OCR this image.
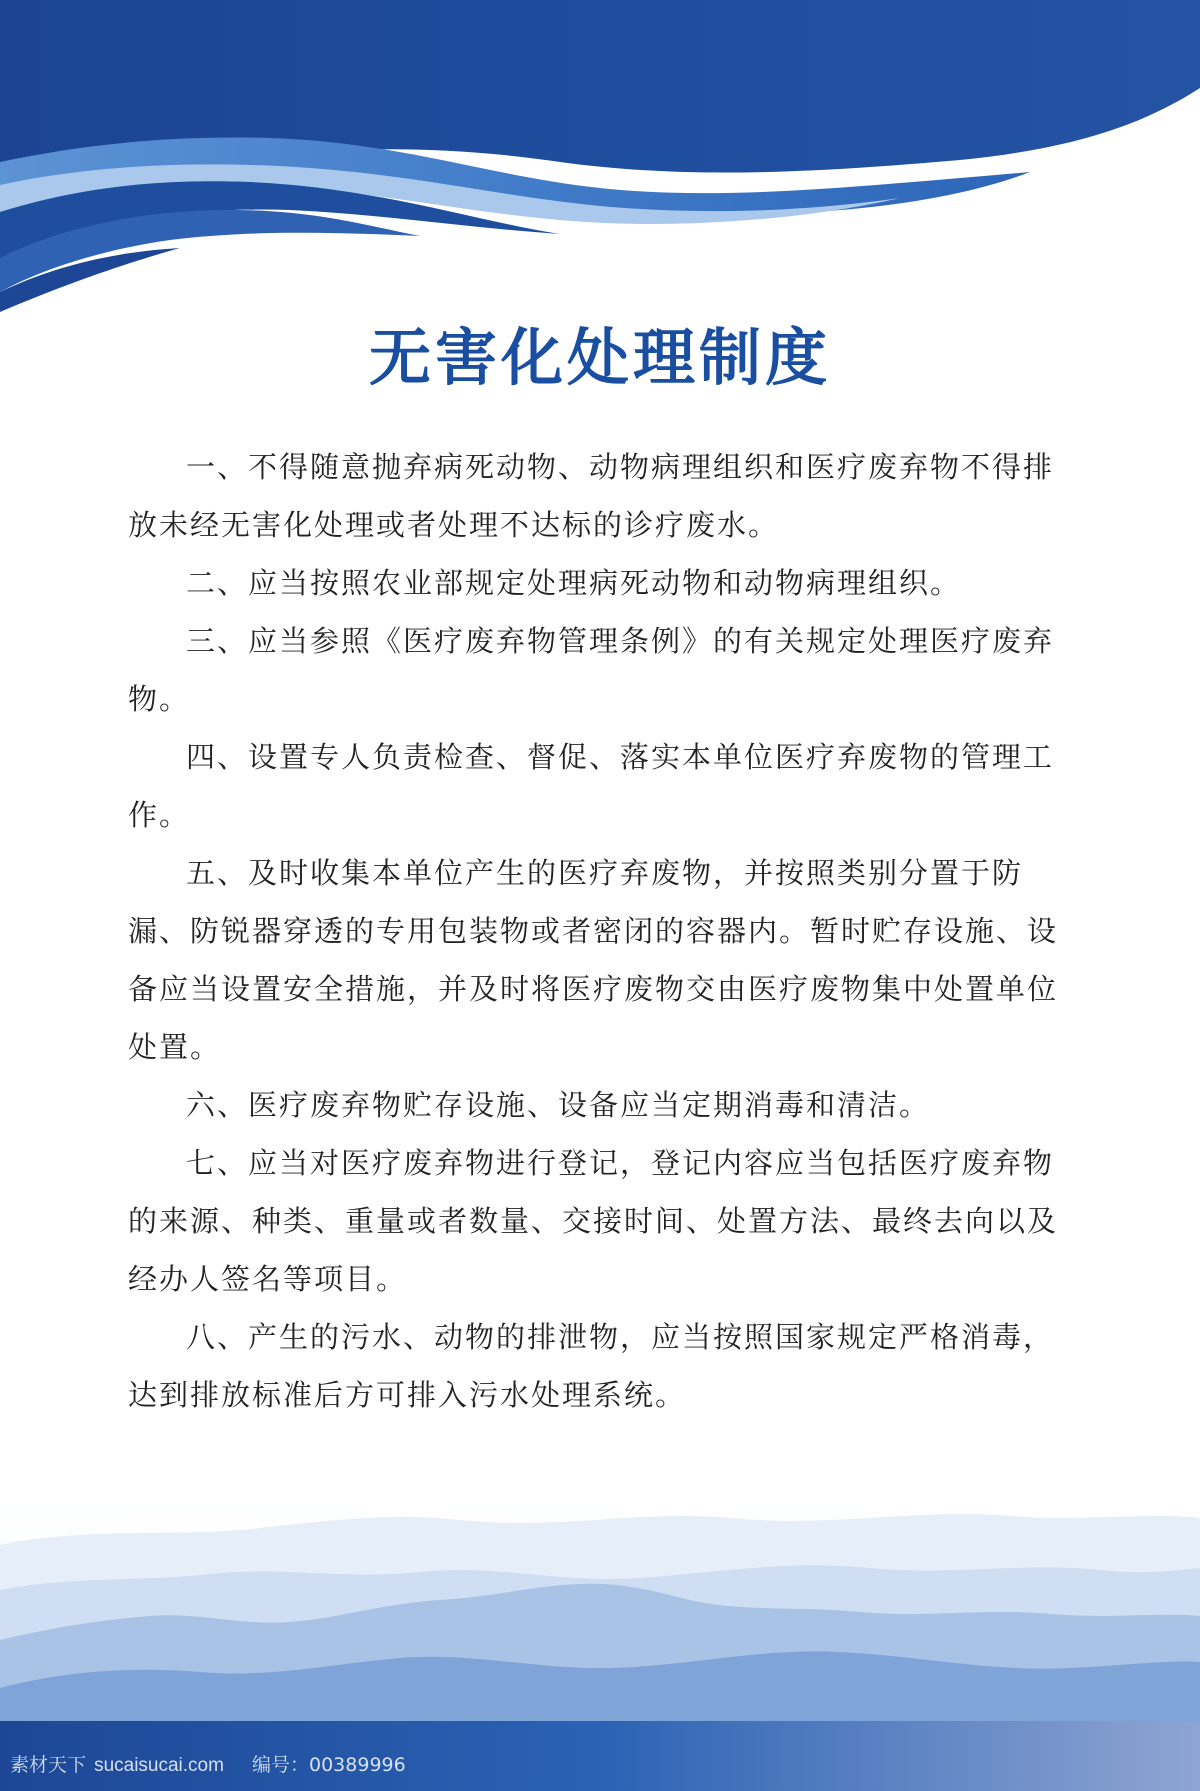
无害化处理制度

一、不得随意抛弃病死动物、动物病理组织和医疗废弃物不得排放未经无害化处理或者处理不达标的诊疗废水。

二、应当按照农业部规定处理病死动物和动物病理组织。

三、应当参照《医疗废弃物管理条例》的有关规定处理医疗废弃物。

四、设置专人负责检查、督促、落实本单位医疗弃废物的管理工作。

五、及时收集本单位产生的医疗弃废物，并按照类别分置于防漏、防锐器穿透的专用包装物或者密闭的容器内。暂时贮存设施、设备应当设置安全措施，并及时将医疗废物交由医疗废物集中处置单位处置。

六、医疗废弃物贮存设施、设备应当定期消毒和清洁。

七、应当对医疗废弃物进行登记，登记内容应当包括医疗废弃物的来源、种类、重量或者数量、交接时间、处置方法、最终去向以及经办人签名等项目。

八、产生的污水、动物的排泄物，应当按照国家规定严格消毒，达到排放标准后方可排入污水处理系统。

素材天下 sucaisucai.com 编号：00389996
